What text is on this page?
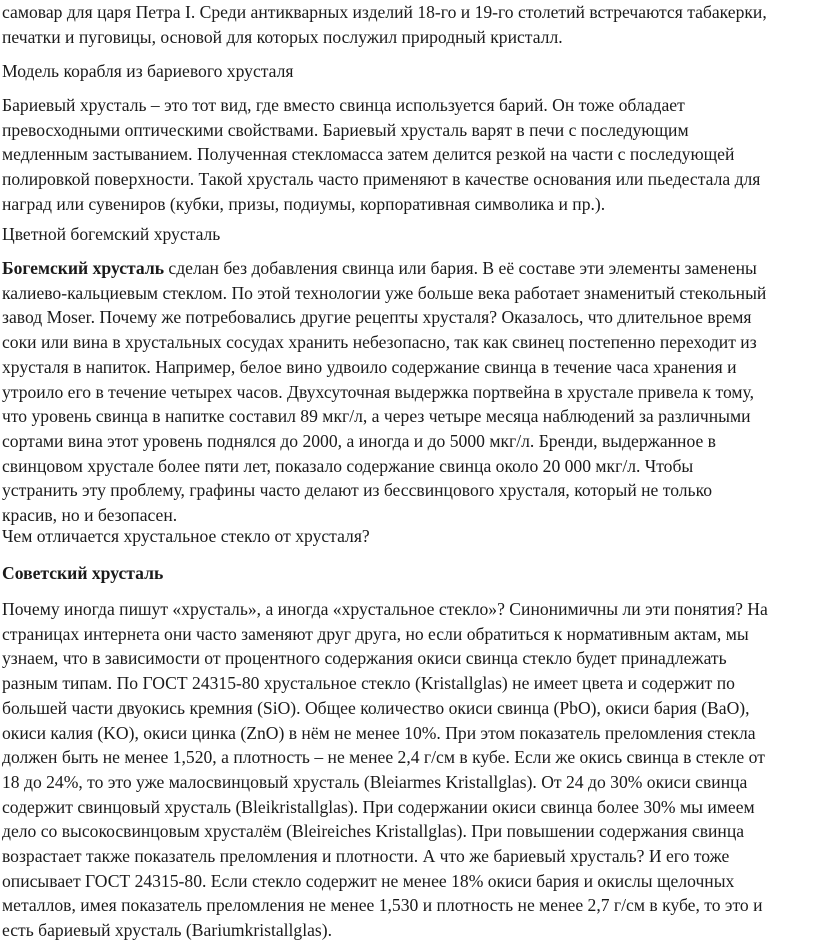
самовар для царя Петра I. Среди антикварных изделий 18-го и 19-го столетий встречаются табакерки,
печатки и пуговицы, основой для которых послужил природный кристалл.

Модель корабля из бариевого хрусталя

Бариевый хрусталь – это тот вид, где вместо свинца используется барий. Он тоже обладает
превосходными оптическими свойствами. Бариевый хрусталь варят в печи с последующим
медленным застыванием. Полученная стекломасса затем делится резкой на части с последующей
полировкой поверхности. Такой хрусталь часто применяют в качестве основания или пьедестала для
наград или сувениров (кубки, призы, подиумы, корпоративная символика и пр.).

Цветной богемский хрусталь

Богемский хрусталь сделан без добавления свинца или бария. В её составе эти элементы заменены
калиево-кальциевым стеклом. По этой технологии уже больше века работает знаменитый стекольный
завод Moser. Почему же потребовались другие рецепты хрусталя? Оказалось, что длительное время
соки или вина в хрустальных сосудах хранить небезопасно, так как свинец постепенно переходит из
хрусталя в напиток. Например, белое вино удвоило содержание свинца в течение часа хранения и
утроило его в течение четырех часов. Двухсуточная выдержка портвейна в хрустале привела к тому,
что уровень свинца в напитке составил 89 мкг/л, а через четыре месяца наблюдений за различными
сортами вина этот уровень поднялся до 2000, а иногда и до 5000 мкг/л. Бренди, выдержанное в
свинцовом хрустале более пяти лет, показало содержание свинца около 20 000 мкг/л. Чтобы
устранить эту проблему, графины часто делают из бессвинцового хрусталя, который не только
красив, но и безопасен.

Чем отличается хрустальное стекло от хрусталя?

Советский хрусталь

Почему иногда пишут «хрусталь», а иногда «хрустальное стекло»? Синонимичны ли эти понятия? На
страницах интернета они часто заменяют друг друга, но если обратиться к нормативным актам, мы
узнаем, что в зависимости от процентного содержания окиси свинца стекло будет принадлежать
разным типам. По ГОСТ 24315-80 хрустальное стекло (Kristallglas) не имеет цвета и содержит по
большей части двуокись кремния (SiO). Общее количество окиси свинца (PbO), окиси бария (BaO),
окиси калия (KO), окиси цинка (ZnO) в нём не менее 10%. При этом показатель преломления стекла
должен быть не менее 1,520, а плотность – не менее 2,4 г/см в кубе. Если же окись свинца в стекле от
18 до 24%, то это уже малосвинцовый хрусталь (Bleiarmes Kristallglas). От 24 до 30% окиси свинца
содержит свинцовый хрусталь (Bleikristallglas). При содержании окиси свинца более 30% мы имеем
дело со высокосвинцовым хрусталём (Bleireiches Kristallglas). При повышении содержания свинца
возрастает также показатель преломления и плотности. А что же бариевый хрусталь? И его тоже
описывает ГОСТ 24315-80. Если стекло содержит не менее 18% окиси бария и окислы щелочных
металлов, имея показатель преломления не менее 1,530 и плотность не менее 2,7 г/см в кубе, то это и
есть бариевый хрусталь (Bariumkristallglas).
